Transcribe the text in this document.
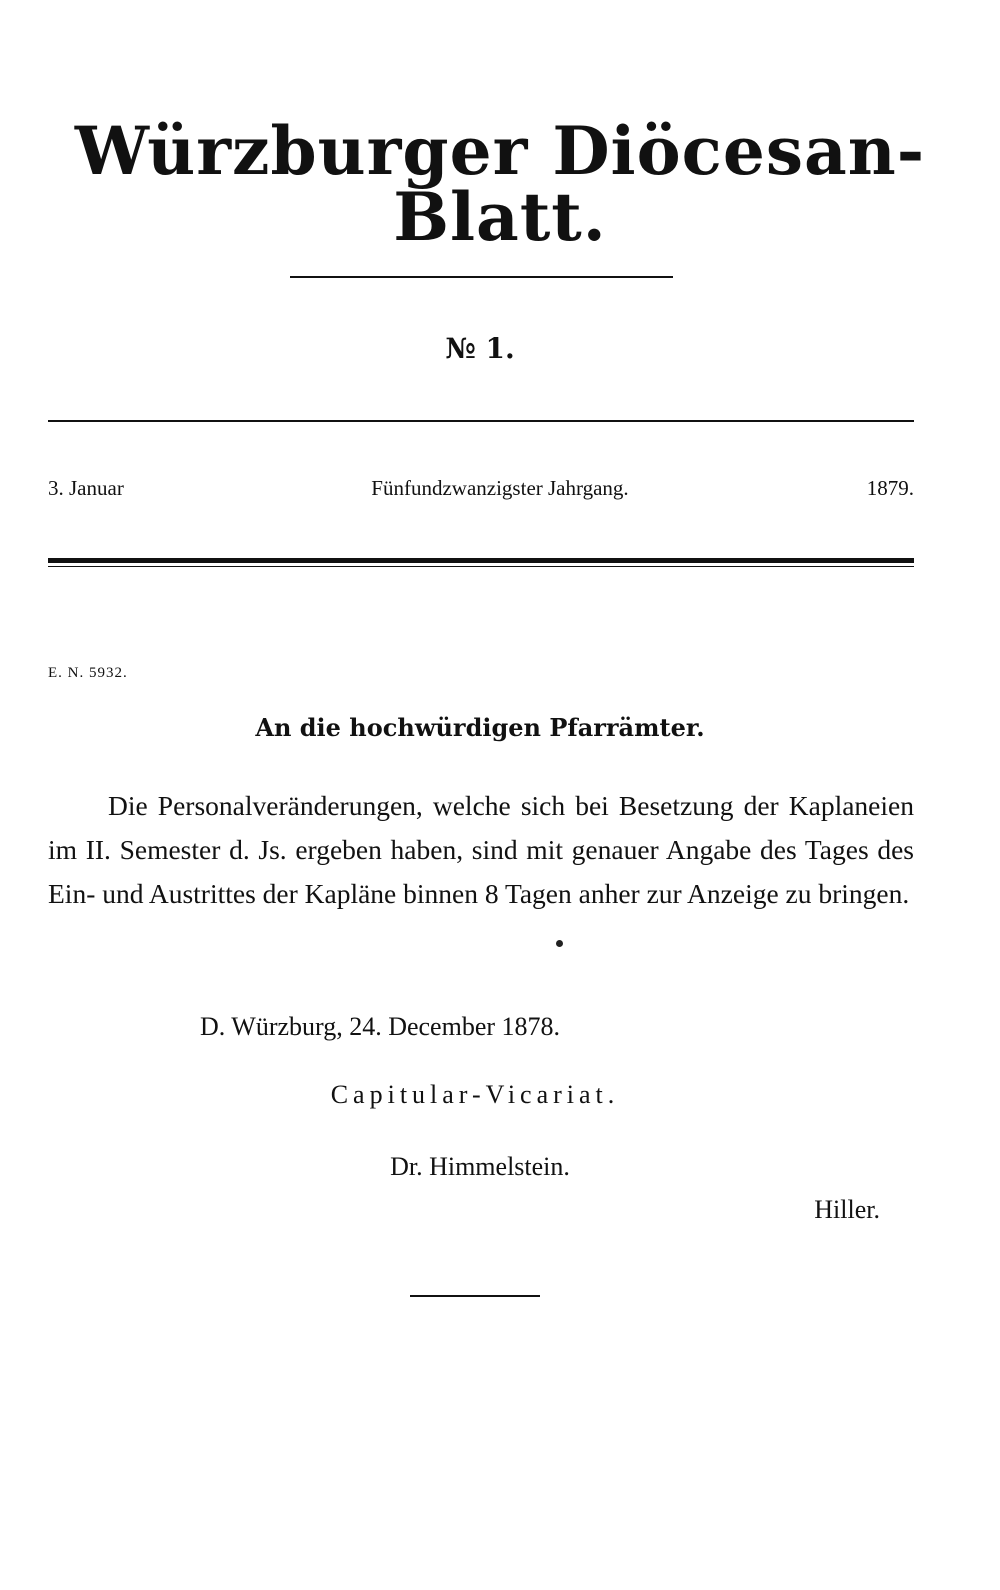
Würzburger Diöcesan-Blatt.
№ 1.
3. Januar	Fünfundzwanzigster Jahrgang.	1879.
E. N. 5932.
An die hochwürdigen Pfarrämter.
Die Personalveränderungen, welche sich bei Besetzung der Kaplaneien im II. Semester d. Js. ergeben haben, sind mit genauer Angabe des Tages des Ein- und Austrittes der Kapläne binnen 8 Tagen anher zur Anzeige zu bringen.
D. Würzburg, 24. December 1878.
Capitular-Vicariat.
Dr. Himmelstein.
Hiller.
